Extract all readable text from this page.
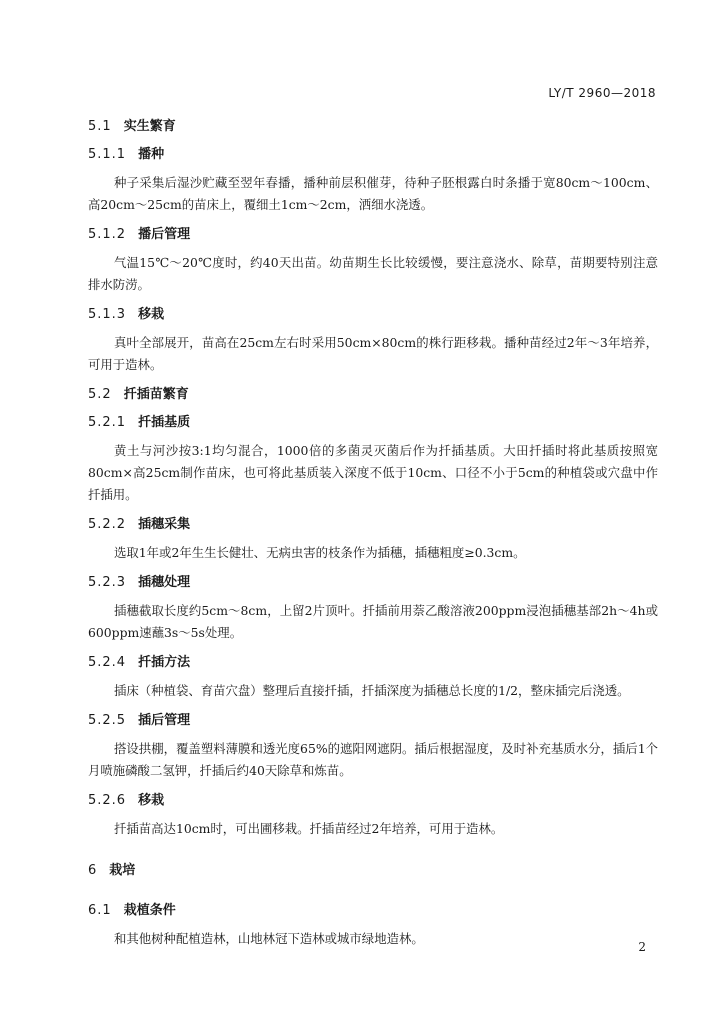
LY/T 2960—2018
5.1 实生繁育
5.1.1 播种

种子采集后湿沙贮藏至翌年春播，播种前层积催芽，待种子胚根露白时条播于宽80cm～100cm、高20cm～25cm的苗床上，覆细土1cm～2cm，洒细水浇透。

5.1.2 播后管理

气温15℃～20℃度时，约40天出苗。幼苗期生长比较缓慢，要注意浇水、除草，苗期要特别注意排水防涝。

5.1.3 移栽

真叶全部展开，苗高在25cm左右时采用50cm×80cm的株行距移栽。播种苗经过2年～3年培养，可用于造林。

5.2 扦插苗繁育
5.2.1 扦插基质

黄土与河沙按3:1均匀混合，1000倍的多菌灵灭菌后作为扦插基质。大田扦插时将此基质按照宽80cm×高25cm制作苗床，也可将此基质装入深度不低于10cm、口径不小于5cm的种植袋或穴盘中作扦插用。

5.2.2 插穗采集

选取1年或2年生生长健壮、无病虫害的枝条作为插穗，插穗粗度≥0.3cm。

5.2.3 插穗处理

插穗截取长度约5cm～8cm，上留2片顶叶。扦插前用萘乙酸溶液200ppm浸泡插穗基部2h～4h或600ppm速蘸3s～5s处理。

5.2.4 扦插方法

插床（种植袋、育苗穴盘）整理后直接扦插，扦插深度为插穗总长度的1/2，整床插完后浇透。

5.2.5 插后管理

搭设拱棚，覆盖塑料薄膜和透光度65%的遮阳网遮阴。插后根据湿度，及时补充基质水分，插后1个月喷施磷酸二氢钾，扦插后约40天除草和炼苗。

5.2.6 移栽

扦插苗高达10cm时，可出圃移栽。扦插苗经过2年培养，可用于造林。

6 栽培
6.1 栽植条件

和其他树种配植造林，山地林冠下造林或城市绿地造林。

2
